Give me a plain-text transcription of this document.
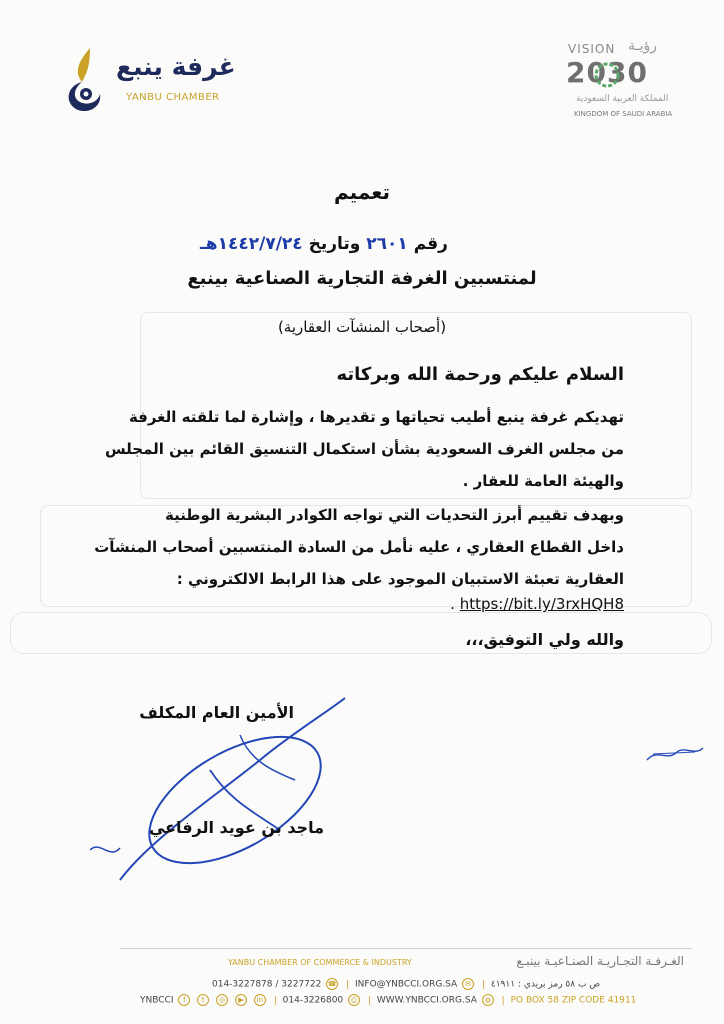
غرفة ينبع
YANBU CHAMBER
VISION رؤيـة
2030
المملكة العربية السعودية
KINGDOM OF SAUDI ARABIA
تعميم
رقم ٢٦٠١ وتاريخ ١٤٤٢/٧/٢٤هـ
لمنتسبين الغرفة التجارية الصناعية بينبع
(أصحاب المنشآت العقارية)
السلام عليكم ورحمة الله وبركاته
تهديكم غرفة ينبع أطيب تحياتها و تقديرها ، وإشارة لما تلقته الغرفة
من مجلس الغرف السعودية بشأن استكمال التنسيق القائم بين المجلس
والهيئة العامة للعقار .
وبهدف تقييم أبرز التحديات التي تواجه الكوادر البشرية الوطنية
داخل القطاع العقاري ، عليه نأمل من السادة المنتسبين أصحاب المنشآت
العقارية تعبئة الاستبيان الموجود على هذا الرابط الالكتروني :
https://bit.ly/3rxHQH8 .
والله ولي التوفيق،،،
الأمين العام المكلف
ماجد بن عويد الرفاعي
الغـرفـة التجـاريـة الصنـاعيـة بينبـع
YANBU CHAMBER OF COMMERCE & INDUSTRY
014-3227878 / 3227722 ☎ | INFO@YNBCCI.ORG.SA ✉ | ص ب ٥٨ رمز بريدي : ٤١٩١١
YNBCCI f t ◎ ▶ in | 014-3226800 ⎙ | WWW.YNBCCI.ORG.SA ◍ | PO BOX 58 ZIP CODE 41911
